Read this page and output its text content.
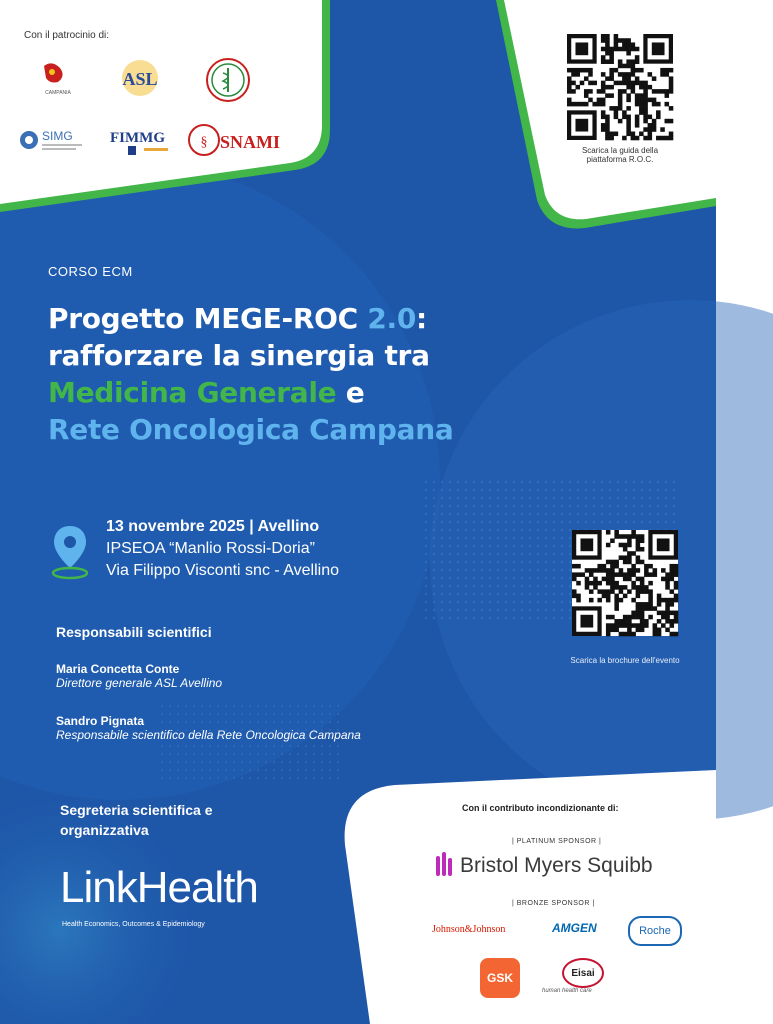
Con il patrocinio di:
CAMPANIA
ASL
SIMG FIMMG	§ SNAMI	Scarica la guida della piattaforma R.O.C.
CORSO ECM
Progetto MEGE-ROC 2.0:
rafforzare la sinergia tra
Medicina Generale e
Rete Oncologica Campana
13 novembre 2025 | Avellino
IPSEOA “Manlio Rossi-Doria”
Via Filippo Visconti snc - Avellino
Scarica la brochure dell'evento
Responsabili scientifici
Maria Concetta Conte
Direttore generale ASL Avellino
Sandro Pignata
Responsabile scientifico della Rete Oncologica Campana
Segreteria scientifica e
organizzativa
LinkHealth
Health Economics, Outcomes & Epidemiology
Con il contributo incondizionante di:
| PLATINUM SPONSOR |
Bristol Myers Squibb
| BRONZE SPONSOR |
Johnson&Johnson	AMGEN	Roche
GSK	Eisai
human health care
